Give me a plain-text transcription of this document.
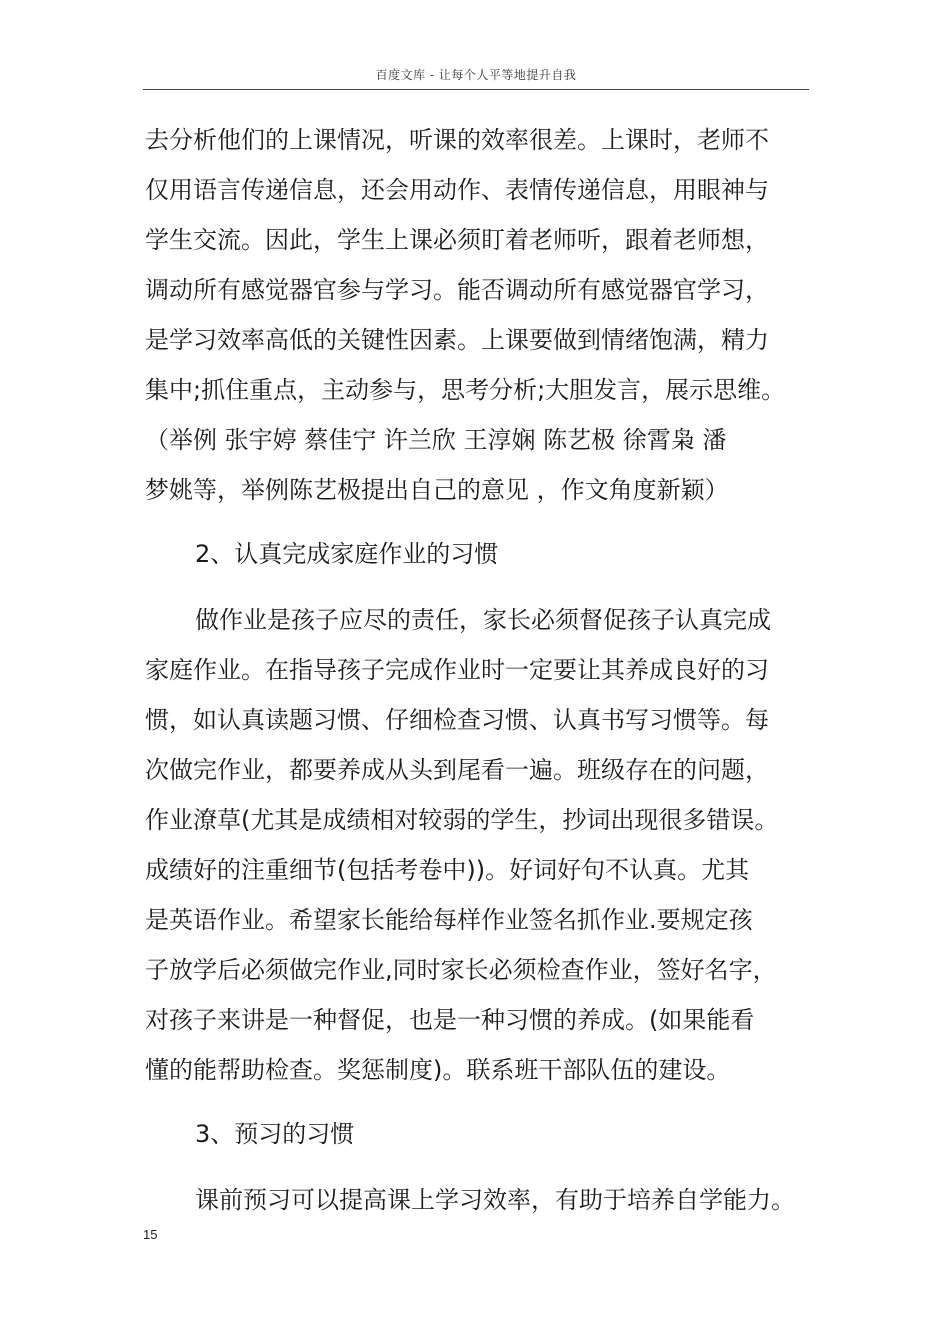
百度文库 - 让每个人平等地提升自我
去分析他们的上课情况，听课的效率很差。上课时，老师不
仅用语言传递信息，还会用动作、表情传递信息，用眼神与
学生交流。因此，学生上课必须盯着老师听，跟着老师想，
调动所有感觉器官参与学习。能否调动所有感觉器官学习，
是学习效率高低的关键性因素。上课要做到情绪饱满，精力
集中;抓住重点，主动参与，思考分析;大胆发言，展示思维。
（举例 张宇婷 蔡佳宁 许兰欣 王淳娴 陈艺极 徐霄枭 潘
梦姚等，举例陈艺极提出自己的意见 ，作文角度新颖）
2、认真完成家庭作业的习惯
做作业是孩子应尽的责任，家长必须督促孩子认真完成
家庭作业。在指导孩子完成作业时一定要让其养成良好的习
惯，如认真读题习惯、仔细检查习惯、认真书写习惯等。每
次做完作业，都要养成从头到尾看一遍。班级存在的问题，
作业潦草(尤其是成绩相对较弱的学生，抄词出现很多错误。
成绩好的注重细节(包括考卷中))。好词好句不认真。尤其
是英语作业。希望家长能给每样作业签名抓作业.要规定孩
子放学后必须做完作业,同时家长必须检查作业，签好名字，
对孩子来讲是一种督促，也是一种习惯的养成。(如果能看
懂的能帮助检查。奖惩制度)。联系班干部队伍的建设。
3、预习的习惯
课前预习可以提高课上学习效率，有助于培养自学能力。
15
